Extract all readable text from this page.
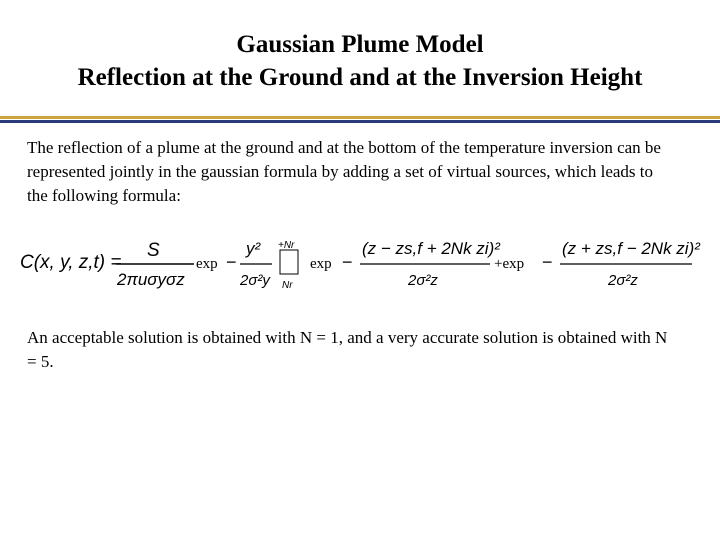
Gaussian Plume Model
Reflection at the Ground and at the Inversion Height
The reflection of a plume at the ground and at the bottom of the temperature inversion can be represented jointly in the gaussian formula by adding a set of virtual sources, which leads to the following formula:
C(x, y, z,t) =
S
2πuσyσz
exp −
y²
2σ²y
+Nr
Nr
exp −
(z − zs,f + 2Nk zi)²
2σ²z
+exp −
(z + zs,f − 2Nk zi)²
2σ²z
An acceptable solution is obtained with N = 1, and a very accurate solution is obtained with N = 5.
